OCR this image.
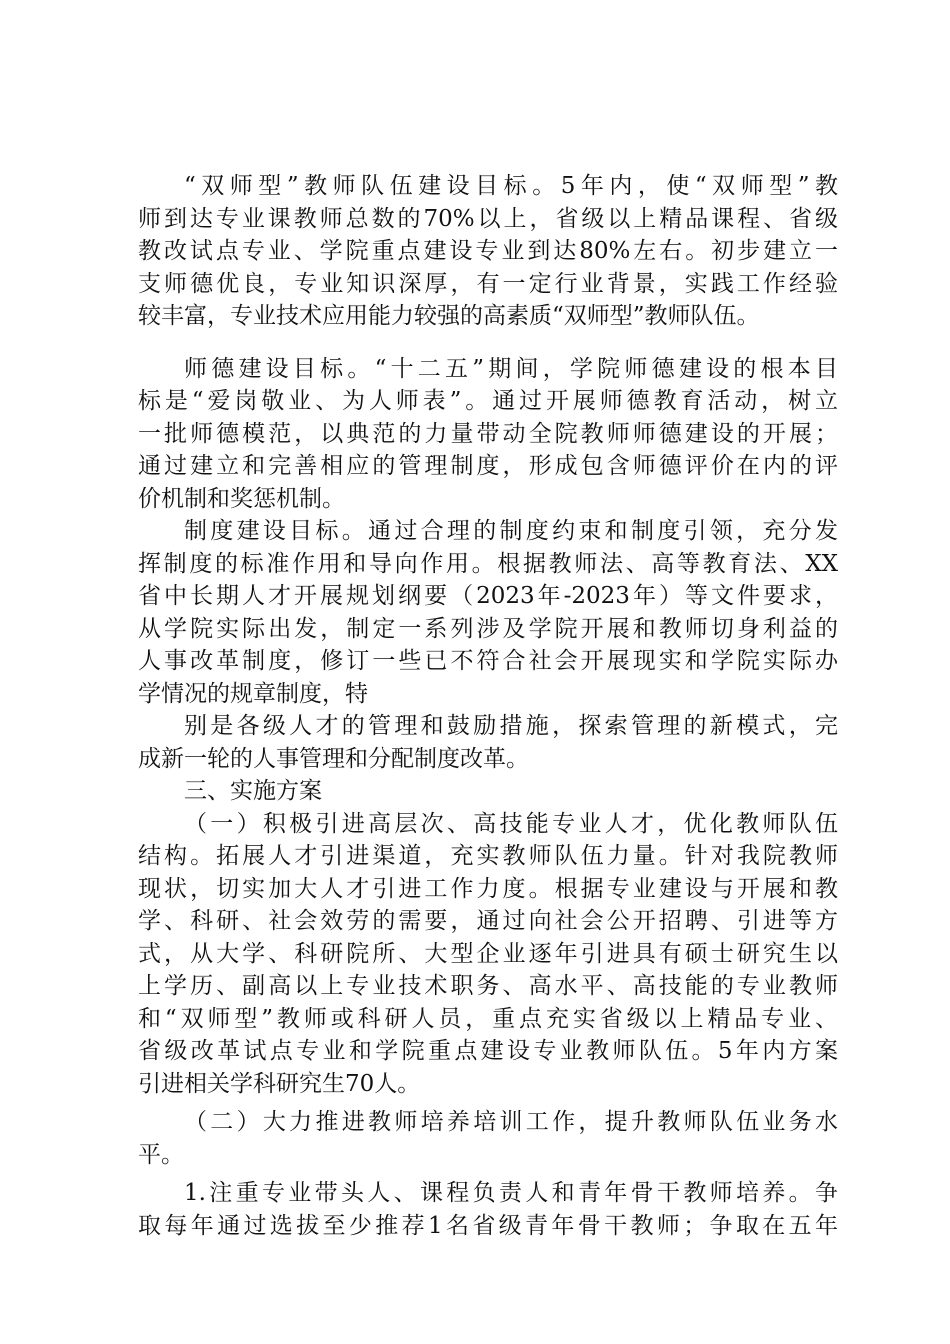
“双师型”教师队伍建设目标。5年内，使“双师型”教
师到达专业课教师总数的70%以上，省级以上精品课程、省级
教改试点专业、学院重点建设专业到达80%左右。初步建立一
支师德优良，专业知识深厚，有一定行业背景，实践工作经验
较丰富，专业技术应用能力较强的高素质“双师型”教师队伍。
师德建设目标。“十二五”期间，学院师德建设的根本目
标是“爱岗敬业、为人师表”。通过开展师德教育活动，树立
一批师德模范，以典范的力量带动全院教师师德建设的开展；
通过建立和完善相应的管理制度，形成包含师德评价在内的评
价机制和奖惩机制。
制度建设目标。通过合理的制度约束和制度引领，充分发
挥制度的标准作用和导向作用。根据教师法、高等教育法、XX
省中长期人才开展规划纲要（2023年-2023年）等文件要求，
从学院实际出发，制定一系列涉及学院开展和教师切身利益的
人事改革制度，修订一些已不符合社会开展现实和学院实际办
学情况的规章制度，特
别是各级人才的管理和鼓励措施，探索管理的新模式，完
成新一轮的人事管理和分配制度改革。
三、实施方案
（一）积极引进高层次、高技能专业人才，优化教师队伍
结构。拓展人才引进渠道，充实教师队伍力量。针对我院教师
现状，切实加大人才引进工作力度。根据专业建设与开展和教
学、科研、社会效劳的需要，通过向社会公开招聘、引进等方
式，从大学、科研院所、大型企业逐年引进具有硕士研究生以
上学历、副高以上专业技术职务、高水平、高技能的专业教师
和“双师型”教师或科研人员，重点充实省级以上精品专业、
省级改革试点专业和学院重点建设专业教师队伍。5年内方案
引进相关学科研究生70人。
（二）大力推进教师培养培训工作，提升教师队伍业务水
平。
1.注重专业带头人、课程负责人和青年骨干教师培养。争
取每年通过选拔至少推荐1名省级青年骨干教师；争取在五年
